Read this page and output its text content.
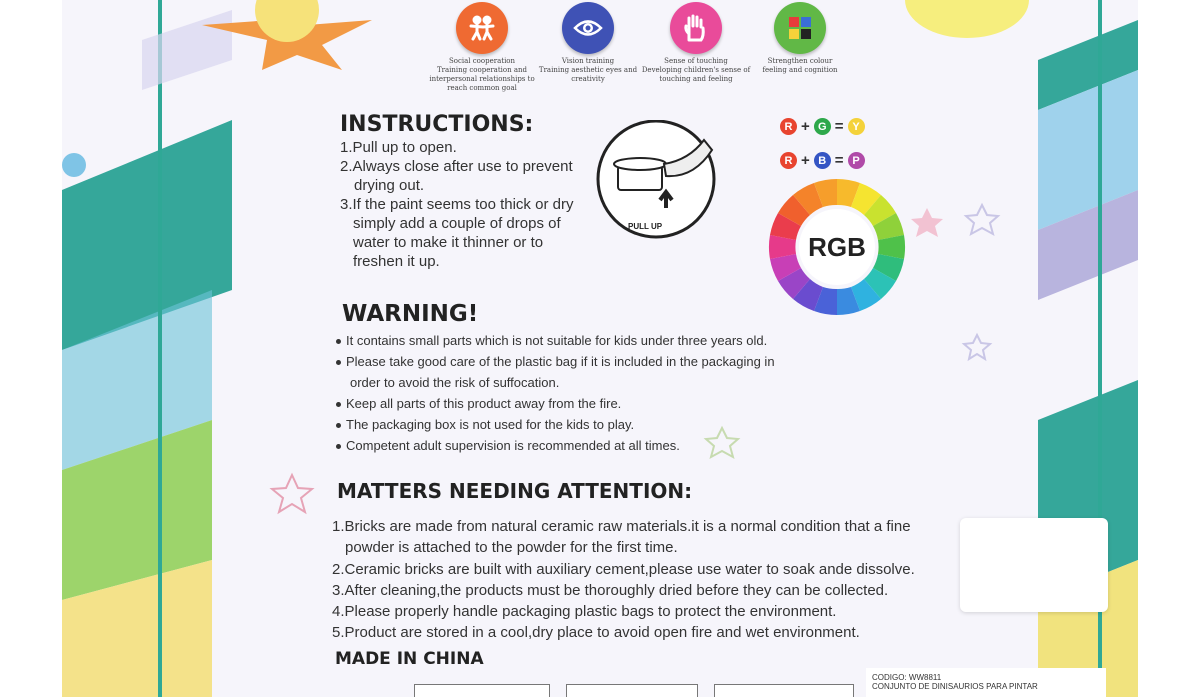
Social cooperation
Training cooperation and interpersonal relationships to reach common goal
Vision training
Training aesthetic eyes and creativity
Sense of touching
Developing children's sense of touching and feeling
Strengthen colour
feeling and cognition
INSTRUCTIONS:
1.Pull up to open.
2.Always close after use to prevent
drying out.
3.If the paint seems too thick or dry
simply add a couple of drops of
water to make it thinner or to
freshen it up.
PULL UP
R + G = Y
R + B = P
RGB
WARNING!
It contains small parts which is not suitable for kids under three years old.
Please take good care of the plastic bag if it is included in the packaging in
order to avoid the risk of suffocation.
Keep all parts of this product away from the fire.
The packaging box is not used for the kids to play.
Competent adult supervision is recommended at all times.
MATTERS NEEDING ATTENTION:
1.Bricks are made from natural ceramic raw materials.it is a normal condition that a fine
powder is attached to the powder for the first time.
2.Ceramic bricks are built with auxiliary cement,please use water to soak ande dissolve.
3.After cleaning,the products must be thoroughly dried before they can be collected.
4.Please properly handle packaging plastic bags to protect the environment.
5.Product are stored in a cool,dry place to avoid open fire and wet environment.
MADE IN CHINA
CODIGO: WW8811
CONJUNTO DE DINISAURIOS PARA PINTAR
